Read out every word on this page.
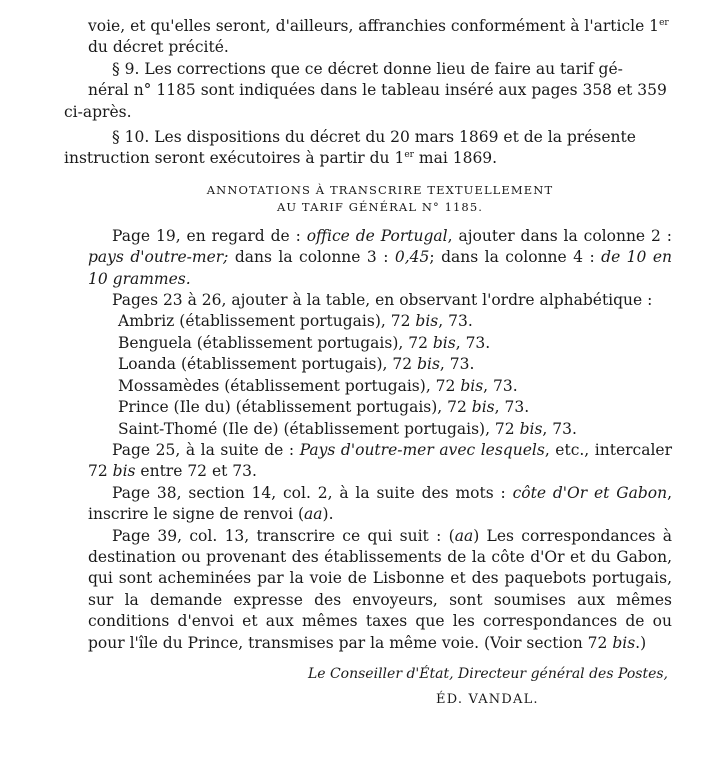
voie, et qu'elles seront, d'ailleurs, affranchies conformément à l'article 1er
du décret précité.

§ 9. Les corrections que ce décret donne lieu de faire au tarif gé-
néral n° 1185 sont indiquées dans le tableau inséré aux pages 358 et 359
ci-après.

§ 10. Les dispositions du décret du 20 mars 1869 et de la présente
instruction seront exécutoires à partir du 1er mai 1869.

ANNOTATIONS À TRANSCRIRE TEXTUELLEMENT

AU TARIF GÉNÉRAL N° 1185.

Page 19, en regard de : office de Portugal, ajouter dans la colonne 2 : pays d'outre-mer; dans la colonne 3 : 0,45; dans la colonne 4 : de 10 en 10 grammes.

Pages 23 à 26, ajouter à la table, en observant l'ordre alphabétique :

Ambriz (établissement portugais), 72 bis, 73.

Benguela (établissement portugais), 72 bis, 73.

Loanda (établissement portugais), 72 bis, 73.

Mossamèdes (établissement portugais), 72 bis, 73.

Prince (Ile du) (établissement portugais), 72 bis, 73.

Saint-Thomé (Ile de) (établissement portugais), 72 bis, 73.

Page 25, à la suite de : Pays d'outre-mer avec lesquels, etc., intercaler 72 bis entre 72 et 73.

Page 38, section 14, col. 2, à la suite des mots : côte d'Or et Gabon, inscrire le signe de renvoi (aa).

Page 39, col. 13, transcrire ce qui suit : (aa) Les correspondances à destination ou provenant des établissements de la côte d'Or et du Gabon, qui sont acheminées par la voie de Lisbonne et des paquebots portugais, sur la demande expresse des envoyeurs, sont soumises aux mêmes conditions d'envoi et aux mêmes taxes que les correspondances de ou pour l'île du Prince, transmises par la même voie. (Voir section 72 bis.)

Le Conseiller d'État, Directeur général des Postes,

ÉD. VANDAL.
